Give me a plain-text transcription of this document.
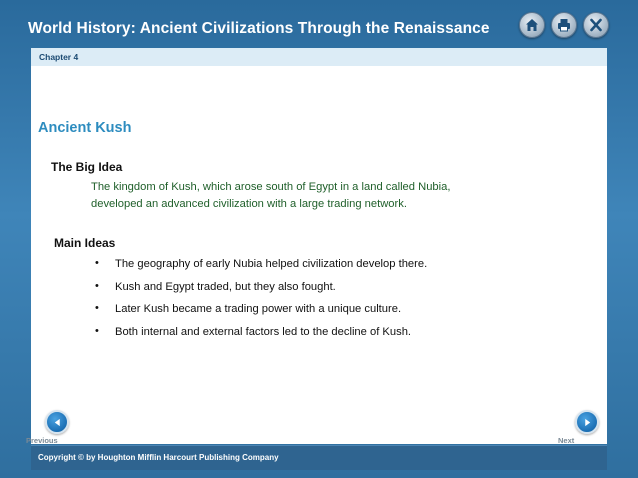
World History: Ancient Civilizations Through the Renaissance
Chapter 4
Ancient Kush
The Big Idea
The kingdom of Kush, which arose south of Egypt in a land called Nubia,
developed an advanced civilization with a large trading network.
Main Ideas
• The geography of early Nubia helped civilization develop there.
• Kush and Egypt traded, but they also fought.
• Later Kush became a trading power with a unique culture.
• Both internal and external factors led to the decline of Kush.
Previous	Next
Copyright © by Houghton Mifflin Harcourt Publishing Company
